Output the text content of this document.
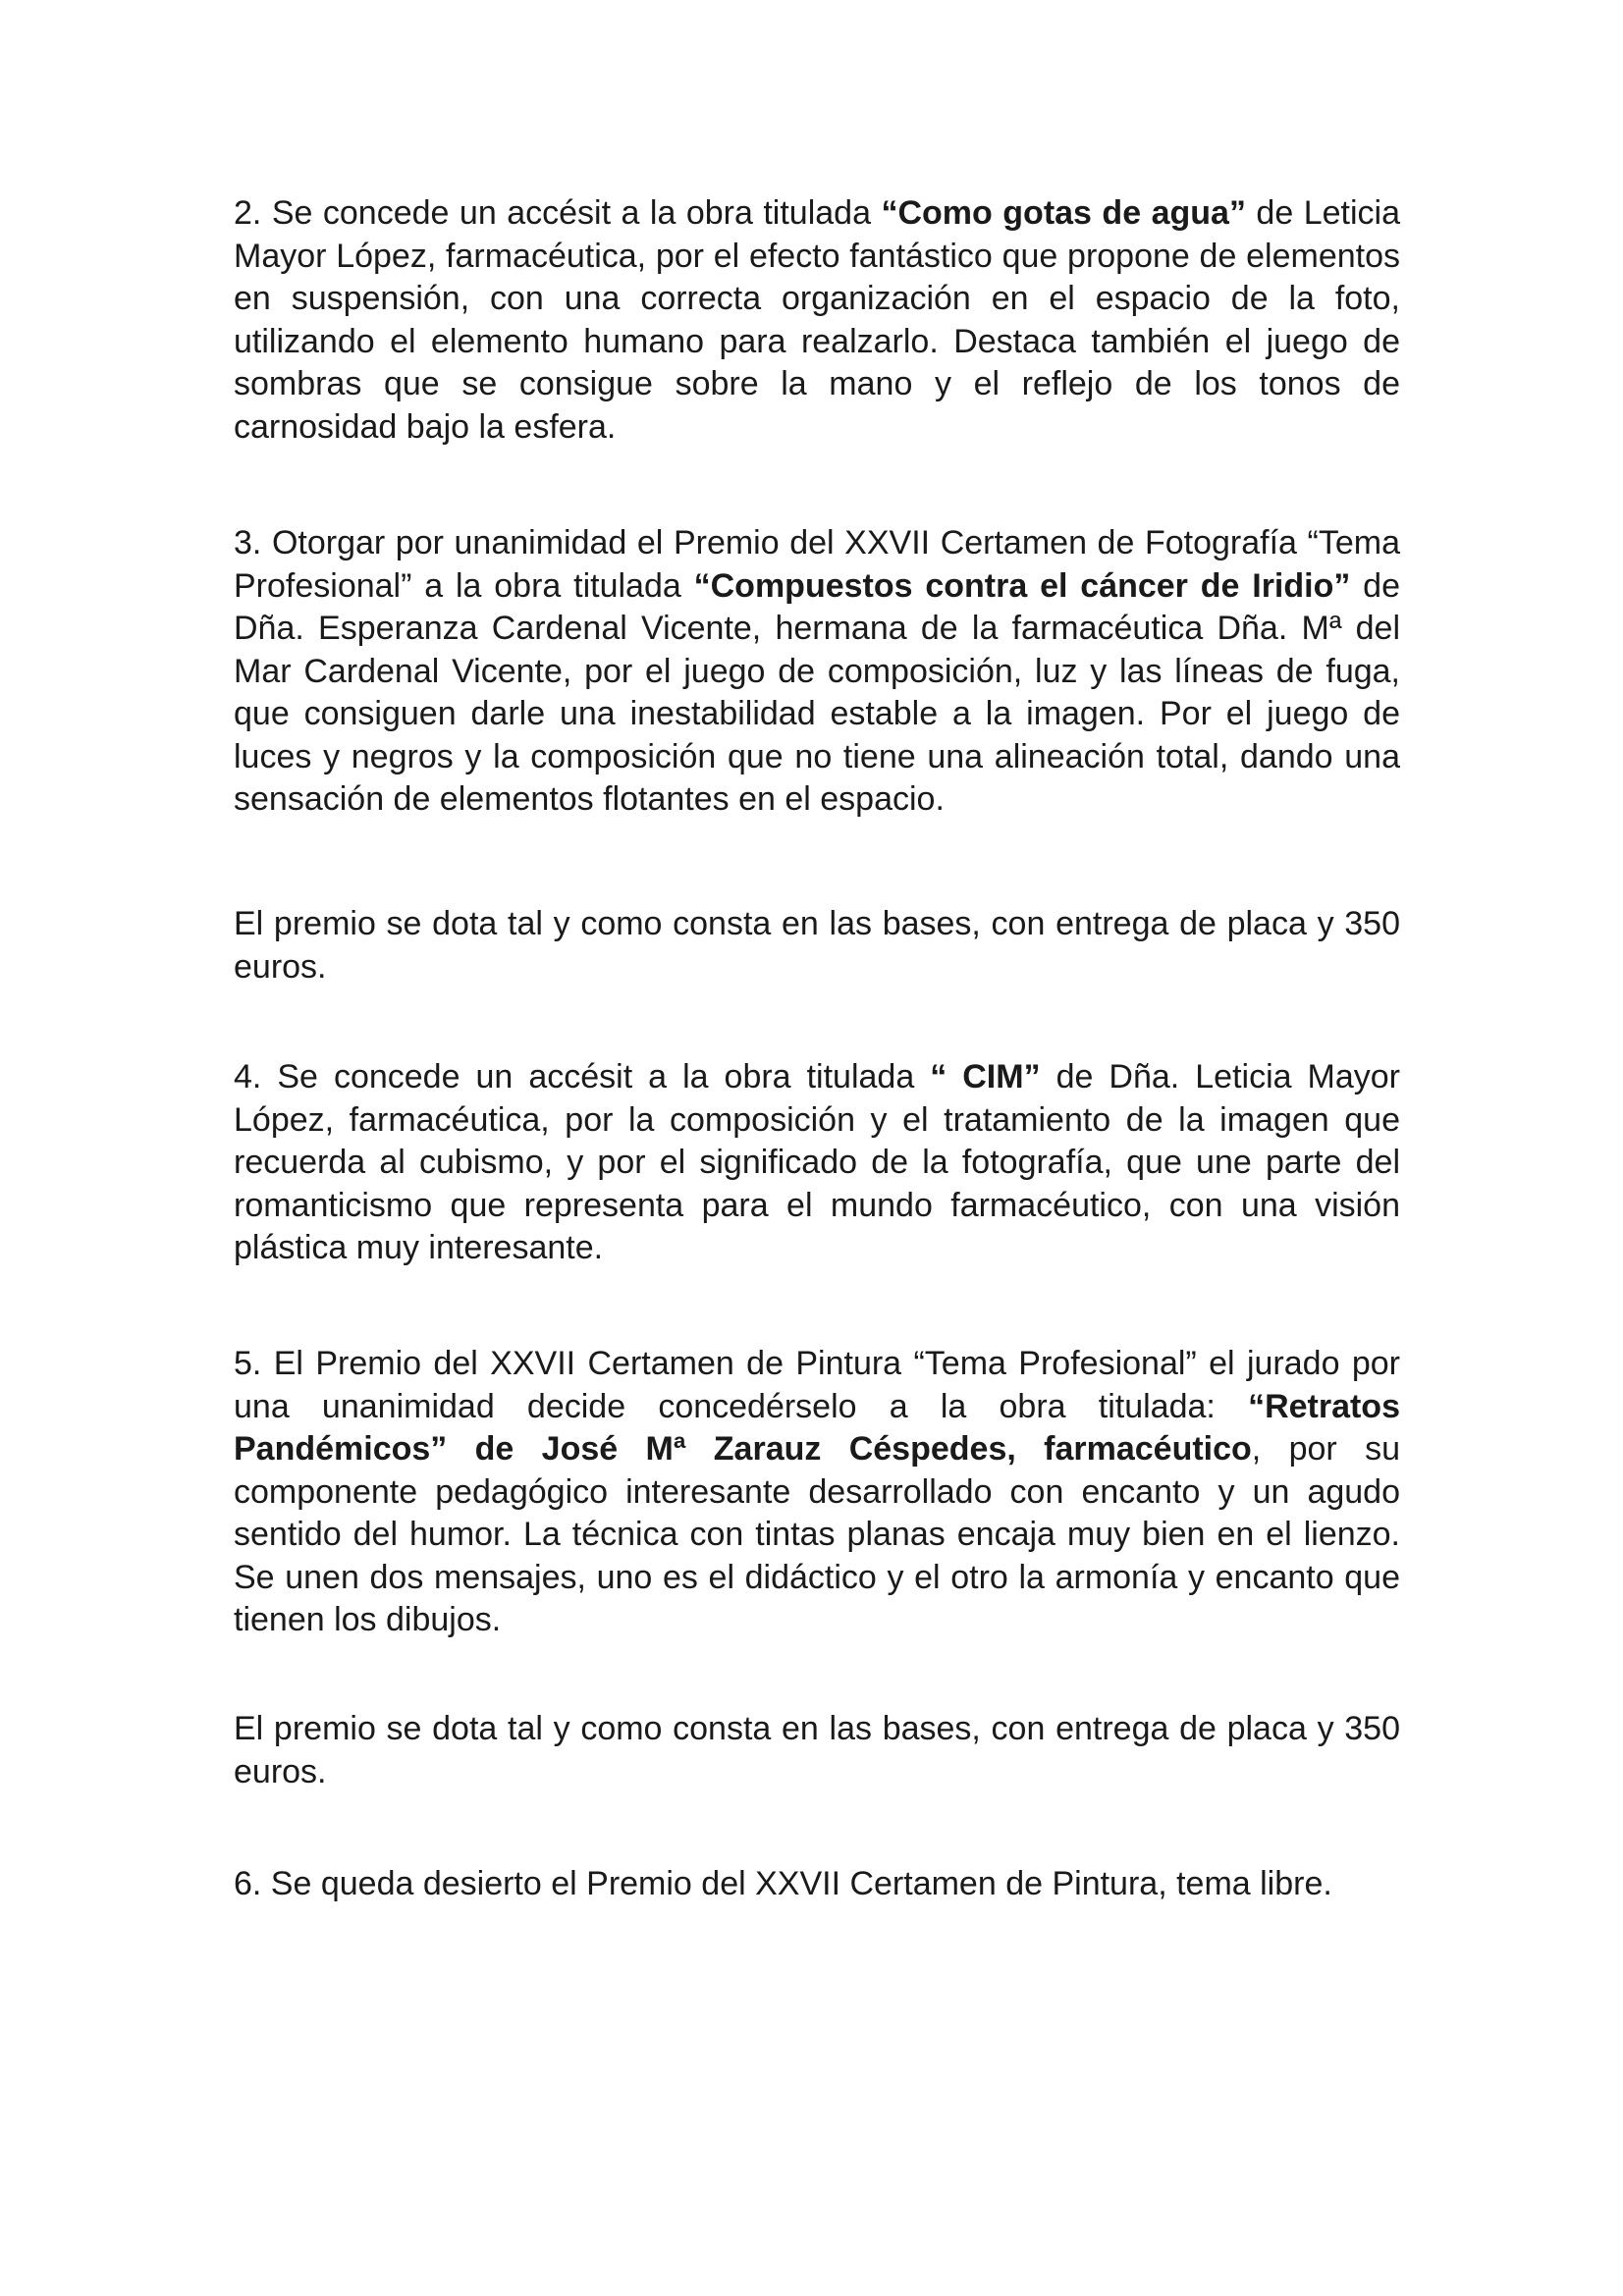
2. Se concede un accésit a la obra titulada “Como gotas de agua” de Leticia Mayor López, farmacéutica, por el efecto fantástico que propone de elementos en suspensión, con una correcta organización en el espacio de la foto, utilizando el elemento humano para realzarlo. Destaca también el juego de sombras que se consigue sobre la mano y el reflejo de los tonos de carnosidad bajo la esfera.

3. Otorgar por unanimidad el Premio del XXVII Certamen de Fotografía “Tema Profesional” a la obra titulada “Compuestos contra el cáncer de Iridio” de Dña. Esperanza Cardenal Vicente, hermana de la farmacéutica Dña. Mª del Mar Cardenal Vicente, por el juego de composición, luz y las líneas de fuga, que consiguen darle una inestabilidad estable a la imagen. Por el juego de luces y negros y la composición que no tiene una alineación total, dando una sensación de elementos flotantes en el espacio.

El premio se dota tal y como consta en las bases, con entrega de placa y 350 euros.

4. Se concede un accésit a la obra titulada “ CIM” de Dña. Leticia Mayor López, farmacéutica, por la composición y el tratamiento de la imagen que recuerda al cubismo, y por el significado de la fotografía, que une parte del romanticismo que representa para el mundo farmacéutico, con una visión plástica muy interesante.

5. El Premio del XXVII Certamen de Pintura “Tema Profesional” el jurado por una unanimidad decide concedérselo a la obra titulada: “Retratos Pandémicos” de José Mª Zarauz Céspedes, farmacéutico, por su componente pedagógico interesante desarrollado con encanto y un agudo sentido del humor. La técnica con tintas planas encaja muy bien en el lienzo. Se unen dos mensajes, uno es el didáctico y el otro la armonía y encanto que tienen los dibujos.

El premio se dota tal y como consta en las bases, con entrega de placa y 350 euros.

6. Se queda desierto el Premio del XXVII Certamen de Pintura, tema libre.
